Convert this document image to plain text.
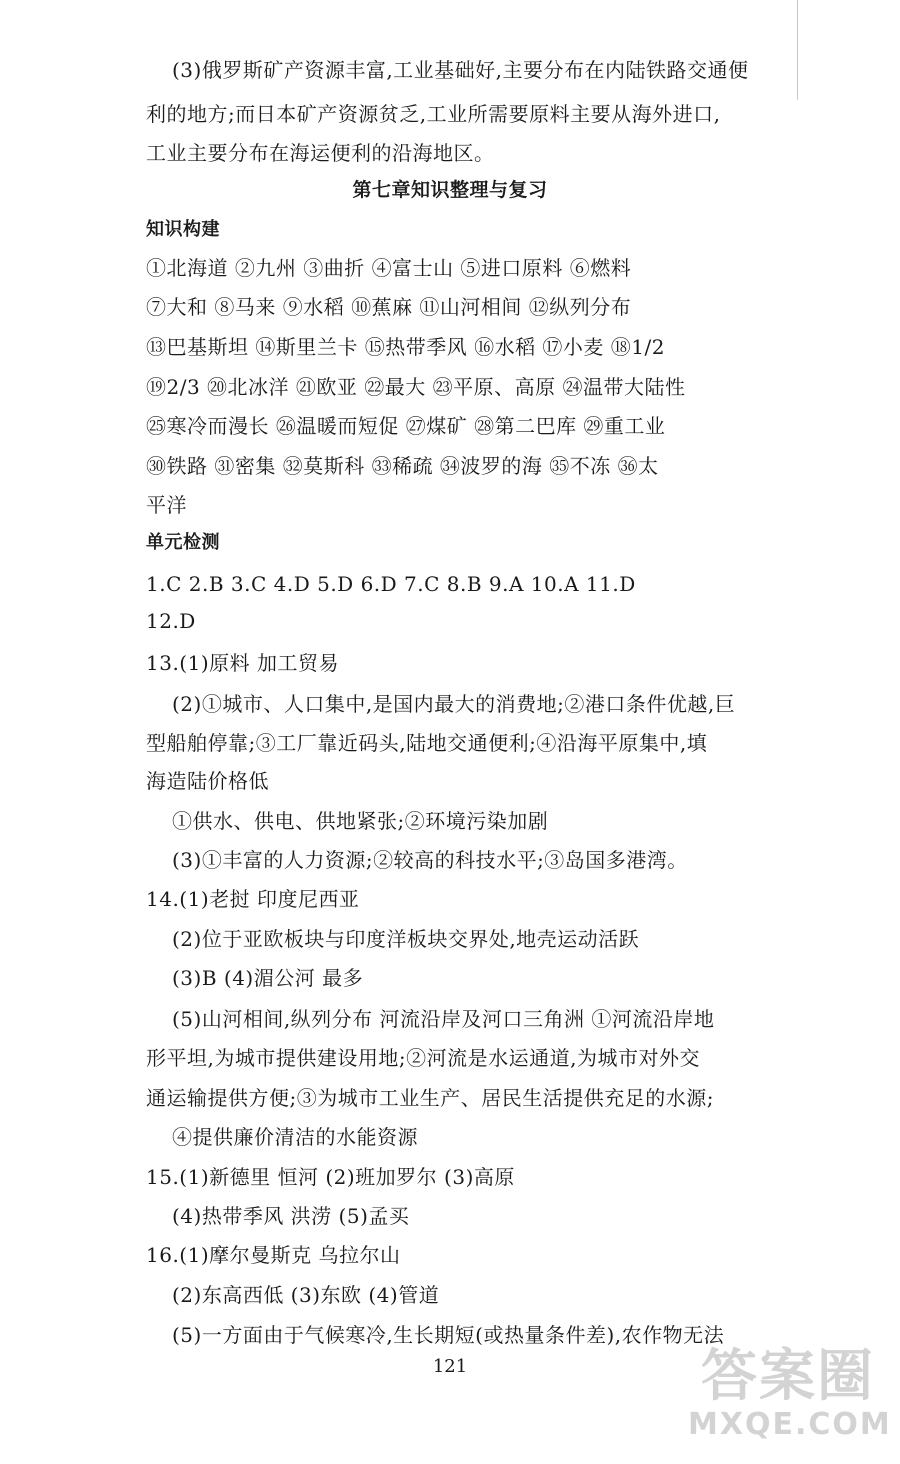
(3)俄罗斯矿产资源丰富,工业基础好,主要分布在内陆铁路交通便
利的地方;而日本矿产资源贫乏,工业所需要原料主要从海外进口,
工业主要分布在海运便利的沿海地区。
第七章知识整理与复习
知识构建
①北海道 ②九州 ③曲折 ④富士山 ⑤进口原料 ⑥燃料
⑦大和 ⑧马来 ⑨水稻 ⑩蕉麻 ⑪山河相间 ⑫纵列分布
⑬巴基斯坦 ⑭斯里兰卡 ⑮热带季风 ⑯水稻 ⑰小麦 ⑱1/2
⑲2/3 ⑳北冰洋 ㉑欧亚 ㉒最大 ㉓平原、高原 ㉔温带大陆性
㉕寒冷而漫长 ㉖温暖而短促 ㉗煤矿 ㉘第二巴库 ㉙重工业
㉚铁路 ㉛密集 ㉜莫斯科 ㉝稀疏 ㉞波罗的海 ㉟不冻 ㊱太
平洋
单元检测
1.C 2.B 3.C 4.D 5.D 6.D 7.C 8.B 9.A 10.A 11.D
12.D
13.(1)原料 加工贸易
(2)①城市、人口集中,是国内最大的消费地;②港口条件优越,巨
型船舶停靠;③工厂靠近码头,陆地交通便利;④沿海平原集中,填
海造陆价格低
①供水、供电、供地紧张;②环境污染加剧
(3)①丰富的人力资源;②较高的科技水平;③岛国多港湾。
14.(1)老挝 印度尼西亚
(2)位于亚欧板块与印度洋板块交界处,地壳运动活跃
(3)B (4)湄公河 最多
(5)山河相间,纵列分布 河流沿岸及河口三角洲 ①河流沿岸地
形平坦,为城市提供建设用地;②河流是水运通道,为城市对外交
通运输提供方便;③为城市工业生产、居民生活提供充足的水源;
④提供廉价清洁的水能资源
15.(1)新德里 恒河 (2)班加罗尔 (3)高原
(4)热带季风 洪涝 (5)孟买
16.(1)摩尔曼斯克 乌拉尔山
(2)东高西低 (3)东欧 (4)管道
(5)一方面由于气候寒冷,生长期短(或热量条件差),农作物无法
121	答案圈
MXQE.COM
